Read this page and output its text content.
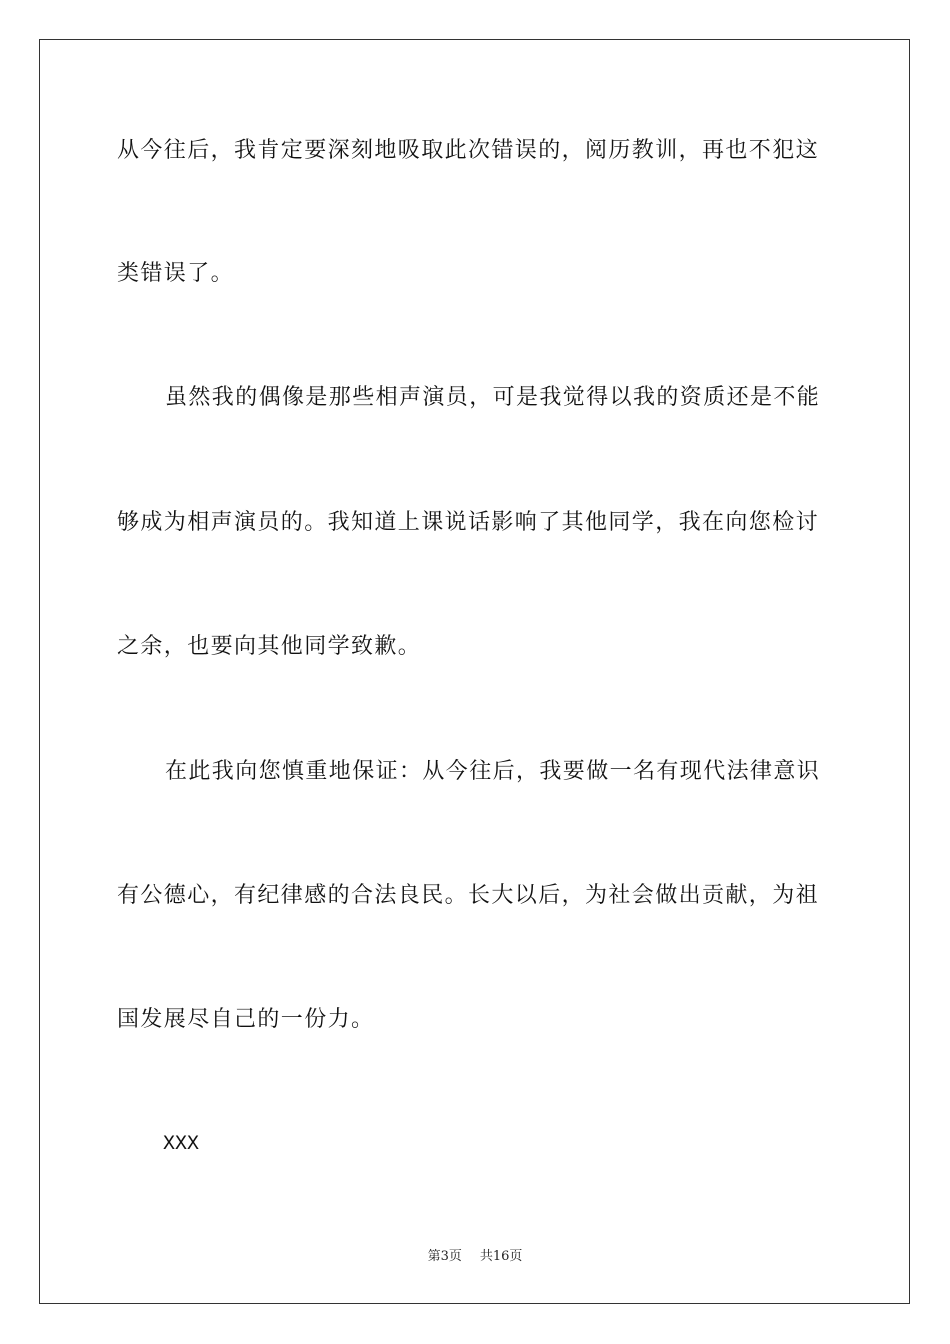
从今往后，我肯定要深刻地吸取此次错误的，阅历教训，再也不犯这
类错误了。
虽然我的偶像是那些相声演员，可是我觉得以我的资质还是不能
够成为相声演员的。我知道上课说话影响了其他同学，我在向您检讨
之余，也要向其他同学致歉。
在此我向您慎重地保证：从今往后，我要做一名有现代法律意识
有公德心，有纪律感的合法良民。长大以后，为社会做出贡献，为祖
国发展尽自己的一份力。
XXX
第3页 共16页
